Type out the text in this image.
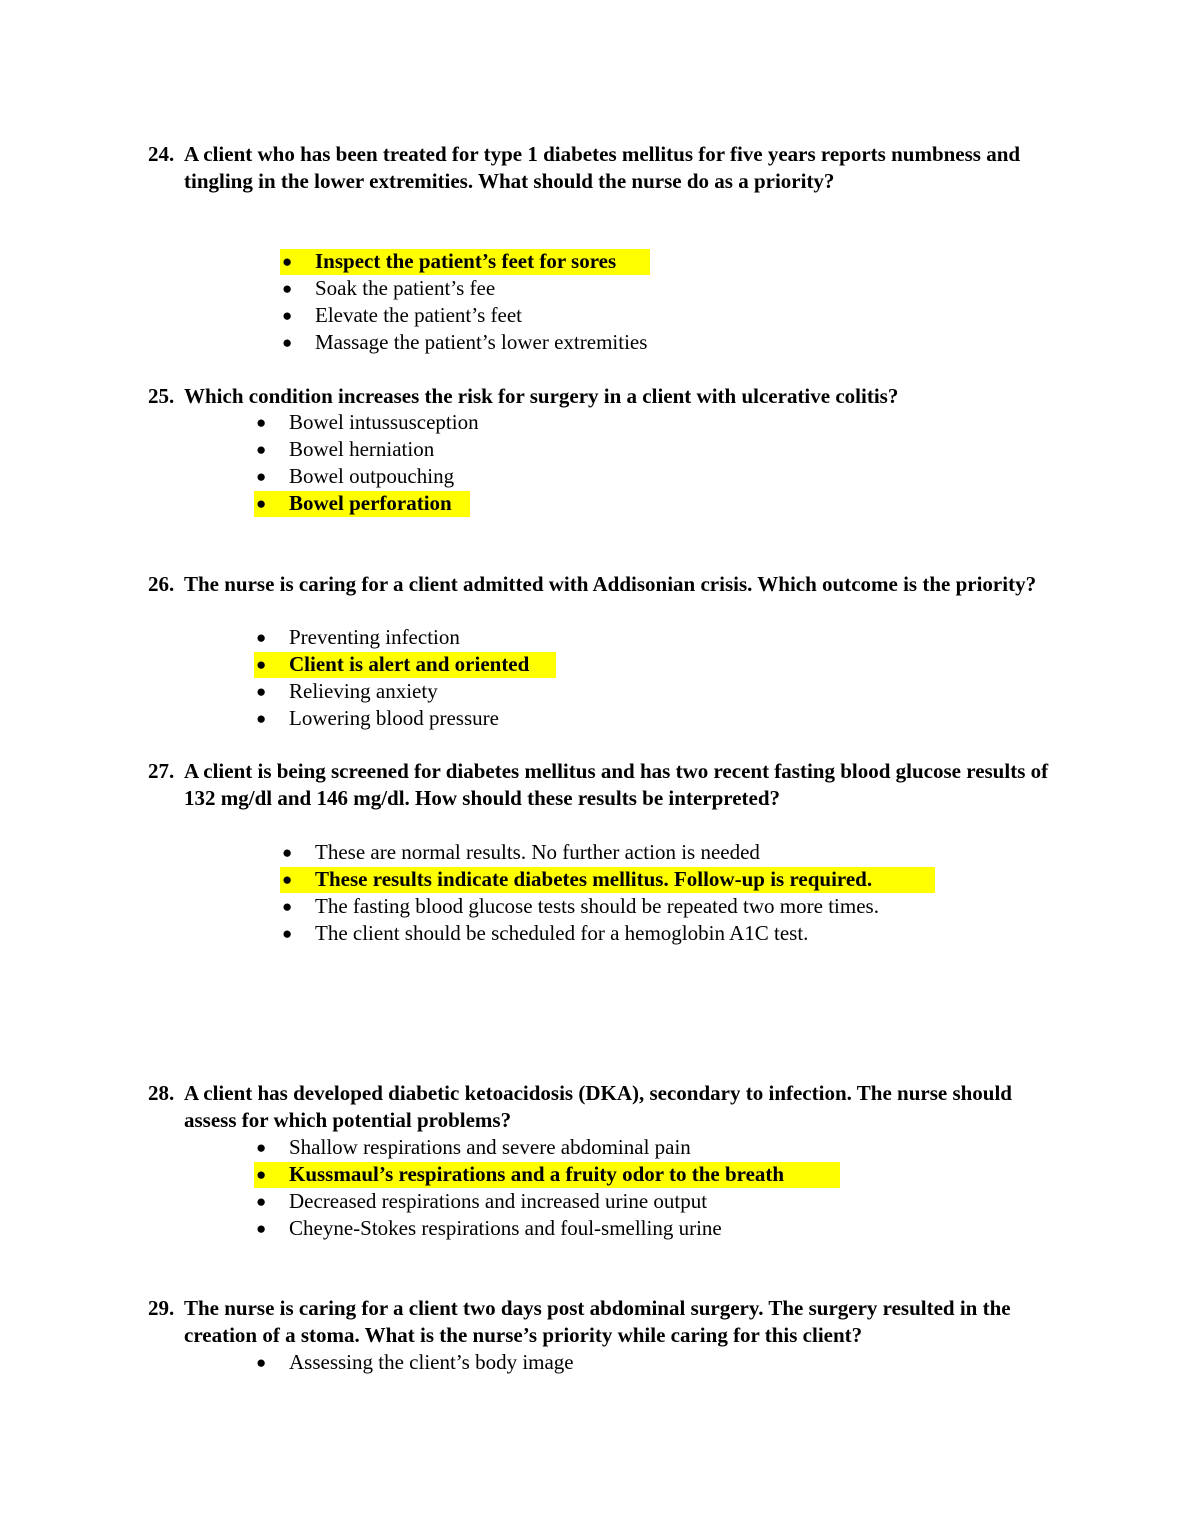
24. A client who has been treated for type 1 diabetes mellitus for five years reports numbness and tingling in the lower extremities. What should the nurse do as a priority?
● Inspect the patient’s feet for sores
● Soak the patient’s fee
● Elevate the patient’s feet
● Massage the patient’s lower extremities
25. Which condition increases the risk for surgery in a client with ulcerative colitis?
● Bowel intussusception
● Bowel herniation
● Bowel outpouching
● Bowel perforation
26. The nurse is caring for a client admitted with Addisonian crisis. Which outcome is the priority?
● Preventing infection
● Client is alert and oriented
● Relieving anxiety
● Lowering blood pressure
27. A client is being screened for diabetes mellitus and has two recent fasting blood glucose results of 132 mg/dl and 146 mg/dl. How should these results be interpreted?
● These are normal results. No further action is needed
● These results indicate diabetes mellitus. Follow-up is required.
● The fasting blood glucose tests should be repeated two more times.
● The client should be scheduled for a hemoglobin A1C test.
28. A client has developed diabetic ketoacidosis (DKA), secondary to infection. The nurse should assess for which potential problems?
● Shallow respirations and severe abdominal pain
● Kussmaul’s respirations and a fruity odor to the breath
● Decreased respirations and increased urine output
● Cheyne-Stokes respirations and foul-smelling urine
29. The nurse is caring for a client two days post abdominal surgery. The surgery resulted in the creation of a stoma. What is the nurse’s priority while caring for this client?
● Assessing the client’s body image
